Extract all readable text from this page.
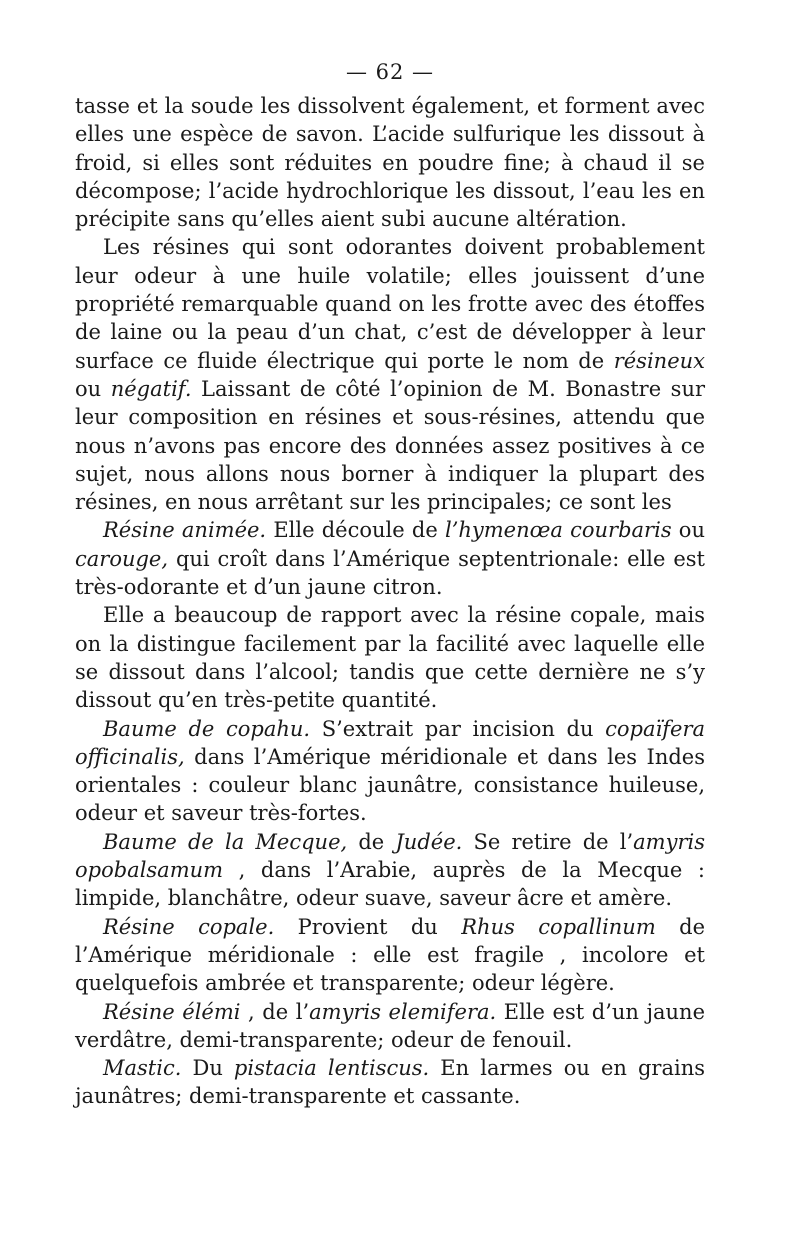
— 62 —

tasse et la soude les dissolvent également, et forment avec elles une espèce de savon. L’acide sulfurique les dissout à froid, si elles sont réduites en poudre fine; à chaud il se décompose; l’acide hydrochlorique les dissout, l’eau les en précipite sans qu’elles aient subi aucune altération.

Les résines qui sont odorantes doivent probablement leur odeur à une huile volatile; elles jouissent d’une propriété remarquable quand on les frotte avec des étoffes de laine ou la peau d’un chat, c’est de développer à leur surface ce fluide électrique qui porte le nom de résineux ou négatif. Laissant de côté l’opinion de M. Bonastre sur leur composition en résines et sous-résines, attendu que nous n’avons pas encore des données assez positives à ce sujet, nous allons nous borner à indiquer la plupart des résines, en nous arrêtant sur les principales; ce sont les

Résine animée. Elle découle de l’hymenœa courbaris ou carouge, qui croît dans l’Amérique septentrionale: elle est très-odorante et d’un jaune citron.

Elle a beaucoup de rapport avec la résine copale, mais on la distingue facilement par la facilité avec laquelle elle se dissout dans l’alcool; tandis que cette dernière ne s’y dissout qu’en très-petite quantité.

Baume de copahu. S’extrait par incision du copaïfera officinalis, dans l’Amérique méridionale et dans les Indes orientales : couleur blanc jaunâtre, consistance huileuse, odeur et saveur très-fortes.

Baume de la Mecque, de Judée. Se retire de l’amyris opobalsamum , dans l’Arabie, auprès de la Mecque : limpide, blanchâtre, odeur suave, saveur âcre et amère.

Résine copale. Provient du Rhus copallinum de l’Amérique méridionale : elle est fragile , incolore et quelquefois ambrée et transparente; odeur légère.

Résine élémi , de l’amyris elemifera. Elle est d’un jaune verdâtre, demi-transparente; odeur de fenouil.

Mastic. Du pistacia lentiscus. En larmes ou en grains jaunâtres; demi-transparente et cassante.
